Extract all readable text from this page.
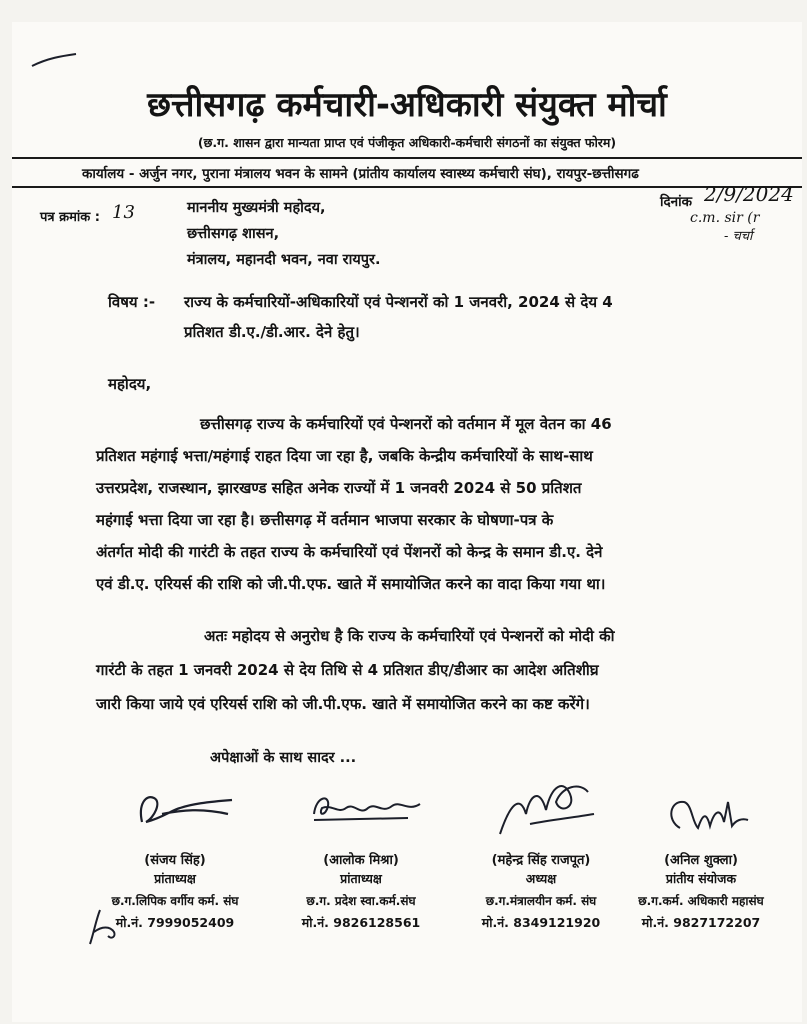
छत्तीसगढ़ कर्मचारी-अधिकारी संयुक्त मोर्चा
(छ.ग. शासन द्वारा मान्यता प्राप्त एवं पंजीकृत अधिकारी-कर्मचारी संगठनों का संयुक्त फोरम)
कार्यालय - अर्जुन नगर, पुराना मंत्रालय भवन के सामने (प्रांतीय कार्यालय स्वास्थ्य कर्मचारी संघ), रायपुर-छत्तीसगढ
पत्र क्रमांक : 13	दिनांक 2/9/2024
c.m. sir (r
- चर्चा
माननीय मुख्यमंत्री महोदय,
छत्तीसगढ़ शासन,
मंत्रालय, महानदी भवन, नवा रायपुर.
विषय :- राज्य के कर्मचारियों-अधिकारियों एवं पेन्शनरों को 1 जनवरी, 2024 से देय 4
प्रतिशत डी.ए./डी.आर. देने हेतु।
महोदय,
छत्तीसगढ़ राज्य के कर्मचारियों एवं पेन्शनरों को वर्तमान में मूल वेतन का 46
प्रतिशत महंगाई भत्ता/महंगाई राहत दिया जा रहा है, जबकि केन्द्रीय कर्मचारियों के साथ-साथ
उत्तरप्रदेश, राजस्थान, झारखण्ड सहित अनेक राज्यों में 1 जनवरी 2024 से 50 प्रतिशत
महंगाई भत्ता दिया जा रहा है। छत्तीसगढ़ में वर्तमान भाजपा सरकार के घोषणा-पत्र के
अंतर्गत मोदी की गारंटी के तहत राज्य के कर्मचारियों एवं पेंशनरों को केन्द्र के समान डी.ए. देने
एवं डी.ए. एरियर्स की राशि को जी.पी.एफ. खाते में समायोजित करने का वादा किया गया था।
अतः महोदय से अनुरोध है कि राज्य के कर्मचारियों एवं पेन्शनरों को मोदी की
गारंटी के तहत 1 जनवरी 2024 से देय तिथि से 4 प्रतिशत डीए/डीआर का आदेश अतिशीघ्र
जारी किया जाये एवं एरियर्स राशि को जी.पी.एफ. खाते में समायोजित करने का कष्ट करेंगे।
अपेक्षाओं के साथ सादर ...
(संजय सिंह)
प्रांताध्यक्ष
छ.ग.लिपिक वर्गीय कर्म. संघ
मो.नं. 7999052409
(आलोक मिश्रा)
प्रांताध्यक्ष
छ.ग. प्रदेश स्वा.कर्म.संघ
मो.नं. 9826128561
(महेन्द्र सिंह राजपूत)
अध्यक्ष
छ.ग.मंत्रालयीन कर्म. संघ
मो.नं. 8349121920
(अनिल शुक्ला)
प्रांतीय संयोजक
छ.ग.कर्म. अधिकारी महासंघ
मो.नं. 9827172207
